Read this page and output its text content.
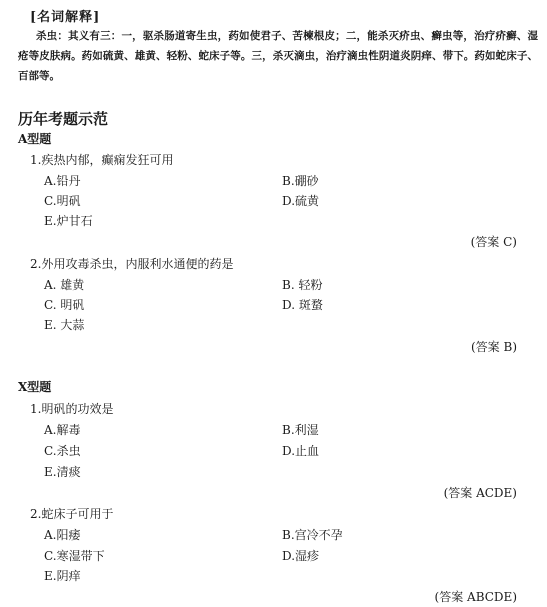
[名词解释]
杀虫：其义有三：一，驱杀肠道寄生虫，药如使君子、苦楝根皮；二，能杀灭疥虫、癣虫等，治疗疥癣、湿疮等皮肤病。药如硫黄、雄黄、轻粉、蛇床子等。三，杀灭滴虫，治疗滴虫性阴道炎阴痒、带下。药如蛇床子、百部等。
历年考题示范
A型题
1.疾热内郁，癫痫发狂可用
A.铅丹	B.硼砂
C.明矾	D.硫黄
E.炉甘石
(答案 C)
2.外用攻毒杀虫，内服利水通便的药是
A. 雄黄	B. 轻粉
C. 明矾	D. 斑蝥
E. 大蒜
(答案 B)
X型题
1.明矾的功效是
A.解毒	B.利湿
C.杀虫	D.止血
E.清痰
(答案 ACDE)
2.蛇床子可用于
A.阳痿	B.宫冷不孕
C.寒湿带下	D.湿疹
E.阴痒
(答案 ABCDE)
